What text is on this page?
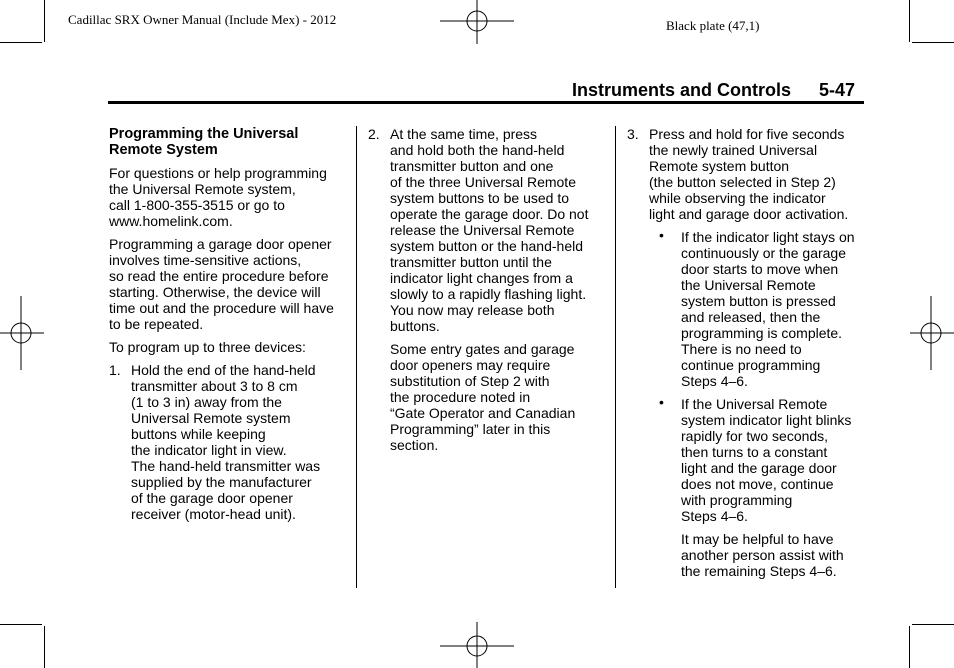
Cadillac SRX Owner Manual (Include Mex) - 2012	Black plate (47,1)
Instruments and Controls 5-47

Programming the Universal
Remote System

For questions or help programming
the Universal Remote system,
call 1-800-355-3515 or go to
www.homelink.com.

Programming a garage door opener
involves time-sensitive actions,
so read the entire procedure before
starting. Otherwise, the device will
time out and the procedure will have
to be repeated.

To program up to three devices:

1. Hold the end of the hand-held
transmitter about 3 to 8 cm
(1 to 3 in) away from the
Universal Remote system
buttons while keeping
the indicator light in view.
The hand-held transmitter was
supplied by the manufacturer
of the garage door opener
receiver (motor-head unit).
2. At the same time, press
and hold both the hand-held
transmitter button and one
of the three Universal Remote
system buttons to be used to
operate the garage door. Do not
release the Universal Remote
system button or the hand-held
transmitter button until the
indicator light changes from a
slowly to a rapidly flashing light.
You now may release both
buttons.
Some entry gates and garage
door openers may require
substitution of Step 2 with
the procedure noted in
“Gate Operator and Canadian
Programming” later in this
section.
3. Press and hold for five seconds
the newly trained Universal
Remote system button
(the button selected in Step 2)
while observing the indicator
light and garage door activation.
• If the indicator light stays on
continuously or the garage
door starts to move when
the Universal Remote
system button is pressed
and released, then the
programming is complete.
There is no need to
continue programming
Steps 4–6.
• If the Universal Remote
system indicator light blinks
rapidly for two seconds,
then turns to a constant
light and the garage door
does not move, continue
with programming
Steps 4–6.
It may be helpful to have
another person assist with
the remaining Steps 4–6.
